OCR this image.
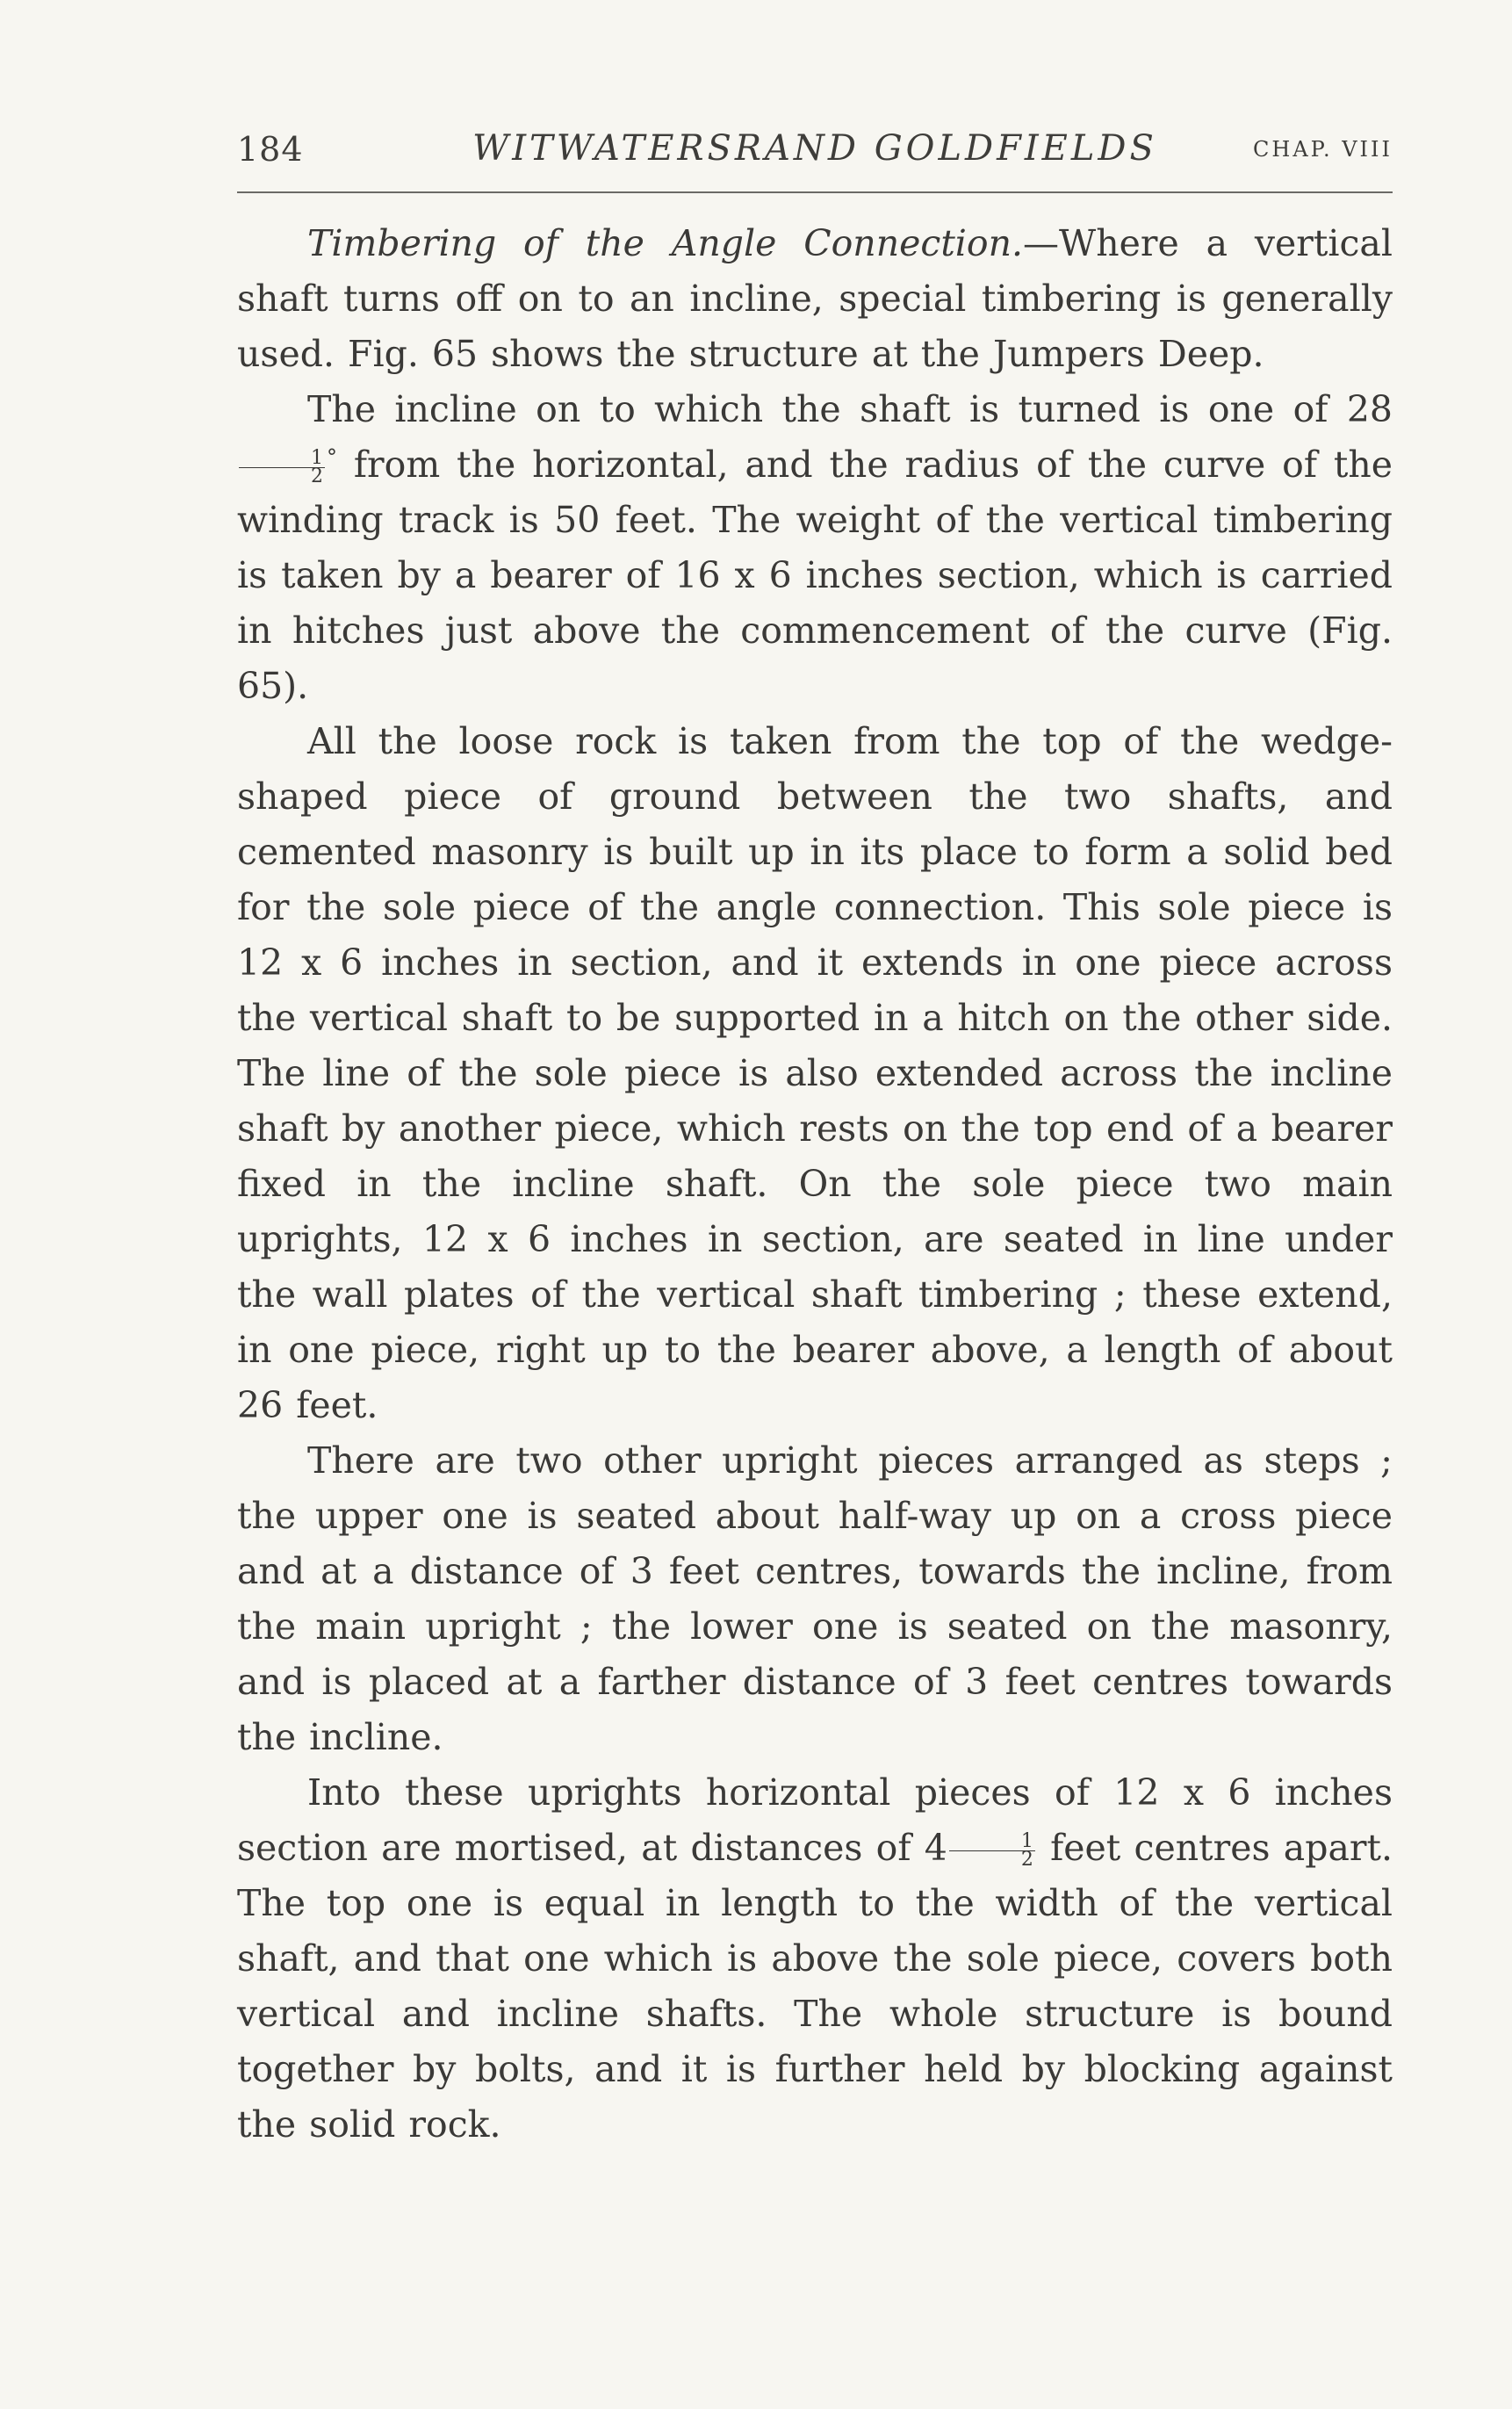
184	WITWATERSRAND GOLDFIELDS	CHAP. VIII

Timbering of the Angle Connection.—Where a vertical shaft turns off on to an incline, special timbering is generally used. Fig. 65 shows the structure at the Jumpers Deep.

The incline on to which the shaft is turned is one of 28
$\frac{1}{2} ^\circ$ from the horizontal, and the radius of the curve of the winding track is 50 feet. The weight of the vertical timbering is taken by a bearer of 16 x 6 inches section, which is carried in hitches just above the commencement of the curve (Fig. 65).

All the loose rock is taken from the top of the wedge-shaped piece of ground between the two shafts, and cemented masonry is built up in its place to form a solid bed for the sole piece of the angle connection. This sole piece is 12 x 6 inches in section, and it extends in one piece across the vertical shaft to be supported in a hitch on the other side. The line of the sole piece is also extended across the incline shaft by another piece, which rests on the top end of a bearer fixed in the incline shaft. On the sole piece two main uprights, 12 x 6 inches in section, are seated in line under the wall plates of the vertical shaft timbering ; these extend, in one piece, right up to the bearer above, a length of about 26 feet.

There are two other upright pieces arranged as steps ; the upper one is seated about half-way up on a cross piece and at a distance of 3 feet centres, towards the incline, from the main upright ; the lower one is seated on the masonry, and is placed at a farther distance of 3 feet centres towards the incline.

Into these uprights horizontal pieces of 12 x 6 inches section are mortised, at distances of $4 \frac{1}{2}$ feet centres apart. The top one is equal in length to the width of the vertical shaft, and that one which is above the sole piece, covers both vertical and incline shafts. The whole structure is bound together by bolts, and it is further held by blocking against the solid rock.
